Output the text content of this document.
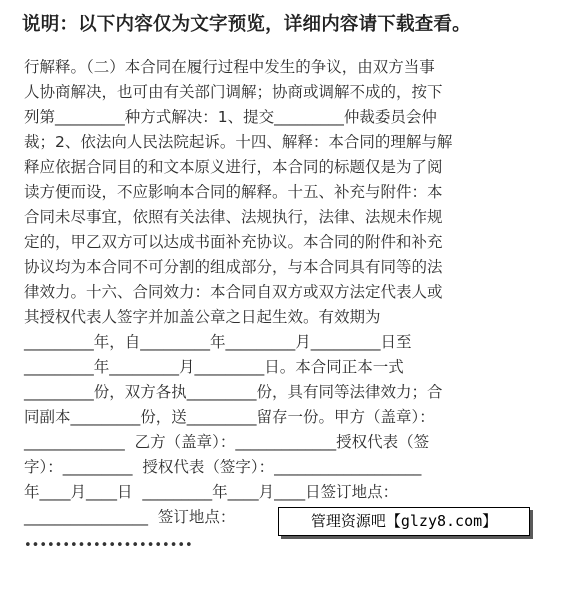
说明：以下内容仅为文字预览，详细内容请下载查看。
行解释。（二）本合同在履行过程中发生的争议，由双方当事
人协商解决，也可由有关部门调解；协商或调解不成的，按下
列第_________种方式解决：1、提交_________仲裁委员会仲
裁；2、依法向人民法院起诉。十四、解释：本合同的理解与解
释应依据合同目的和文本原义进行，本合同的标题仅是为了阅
读方便而设，不应影响本合同的解释。十五、补充与附件：本
合同未尽事宜，依照有关法律、法规执行，法律、法规未作规
定的，甲乙双方可以达成书面补充协议。本合同的附件和补充
协议均为本合同不可分割的组成部分，与本合同具有同等的法
律效力。十六、合同效力：本合同自双方或双方法定代表人或
其授权代表人签字并加盖公章之日起生效。有效期为
_________年，自_________年_________月_________日至
_________年_________月_________日。本合同正本一式
_________份，双方各执_________份，具有同等法律效力；合
同副本_________份，送_________留存一份。甲方（盖章）：
_____________  乙方（盖章）：_____________授权代表（签
字）：_________  授权代表（签字）：___________________
年____月____日  _________年____月____日签订地点：
________________  签订地点：	管理资源吧【glzy8.com】
••••••••••••••••••••••
